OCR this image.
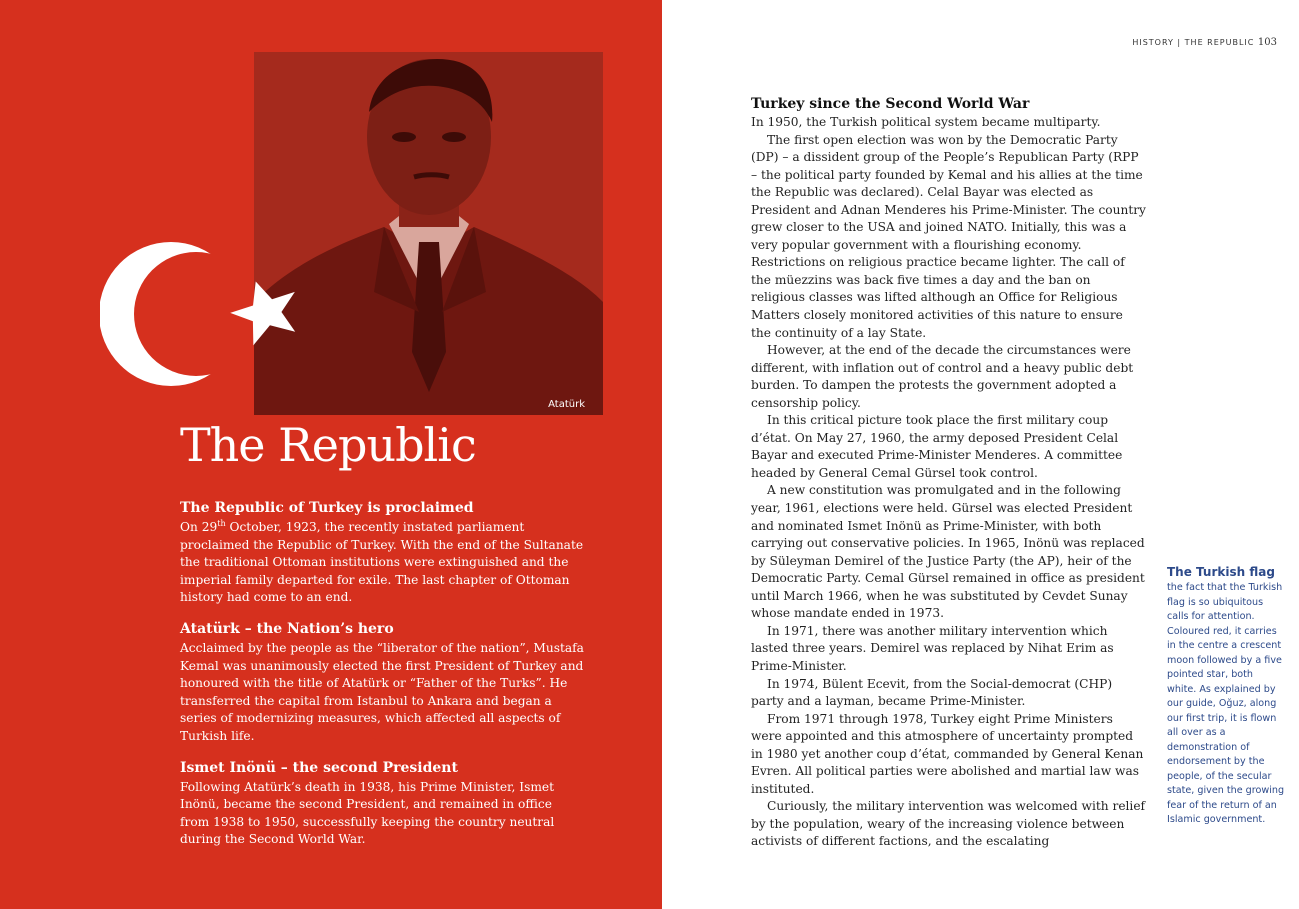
Atatürk
The Republic
The Republic of Turkey is proclaimed

On 29th October, 1923, the recently instated parliament proclaimed the Republic of Turkey. With the end of the Sultanate the traditional Ottoman institutions were extinguished and the imperial family departed for exile. The last chapter of Ottoman history had come to an end.

Atatürk – the Nation’s hero

Acclaimed by the people as the “liberator of the nation”, Mustafa Kemal was unanimously elected the first President of Turkey and honoured with the title of Atatürk or “Father of the Turks”. He transferred the capital from Istanbul to Ankara and began a series of modernizing measures, which affected all aspects of Turkish life.

Ismet Inönü – the second President

Following Atatürk’s death in 1938, his Prime Minister, Ismet Inönü, became the second President, and remained in office from 1938 to 1950, successfully keeping the country neutral during the Second World War.

HISTORY | THE REPUBLIC 103
Turkey since the Second World War

In 1950, the Turkish political system became multiparty.

The first open election was won by the Democratic Party (DP) – a dissident group of the People’s Republican Party (RPP – the political party founded by Kemal and his allies at the time the Republic was declared). Celal Bayar was elected as President and Adnan Menderes his Prime-Minister. The country grew closer to the USA and joined NATO. Initially, this was a very popular government with a flourishing economy. Restrictions on religious practice became lighter. The call of the müezzins was back five times a day and the ban on religious classes was lifted although an Office for Religious Matters closely monitored activities of this nature to ensure the continuity of a lay State.

However, at the end of the decade the circumstances were different, with inflation out of control and a heavy public debt burden. To dampen the protests the government adopted a censorship policy.

In this critical picture took place the first military coup d’état. On May 27, 1960, the army deposed President Celal Bayar and executed Prime-Minister Menderes. A committee headed by General Cemal Gürsel took control.

A new constitution was promulgated and in the following year, 1961, elections were held. Gürsel was elected President and nominated Ismet Inönü as Prime-Minister, with both carrying out conservative policies. In 1965, Inönü was replaced by Süleyman Demirel of the Justice Party (the AP), heir of the Democratic Party. Cemal Gürsel remained in office as president until March 1966, when he was substituted by Cevdet Sunay whose mandate ended in 1973.

In 1971, there was another military intervention which lasted three years. Demirel was replaced by Nihat Erim as Prime-Minister.

In 1974, Bülent Ecevit, from the Social-democrat (CHP) party and a layman, became Prime-Minister.

From 1971 through 1978, Turkey eight Prime Ministers were appointed and this atmosphere of uncertainty prompted in 1980 yet another coup d’état, commanded by General Kenan Evren. All political parties were abolished and martial law was instituted.

Curiously, the military intervention was welcomed with relief by the population, weary of the increasing violence between activists of different factions, and the escalating

The Turkish flag

the fact that the Turkish flag is so ubiquitous calls for attention. Coloured red, it carries in the centre a crescent moon followed by a five pointed star, both white. As explained by our guide, Oğuz, along our first trip, it is flown all over as a demonstration of endorsement by the people, of the secular state, given the growing fear of the return of an Islamic government.
